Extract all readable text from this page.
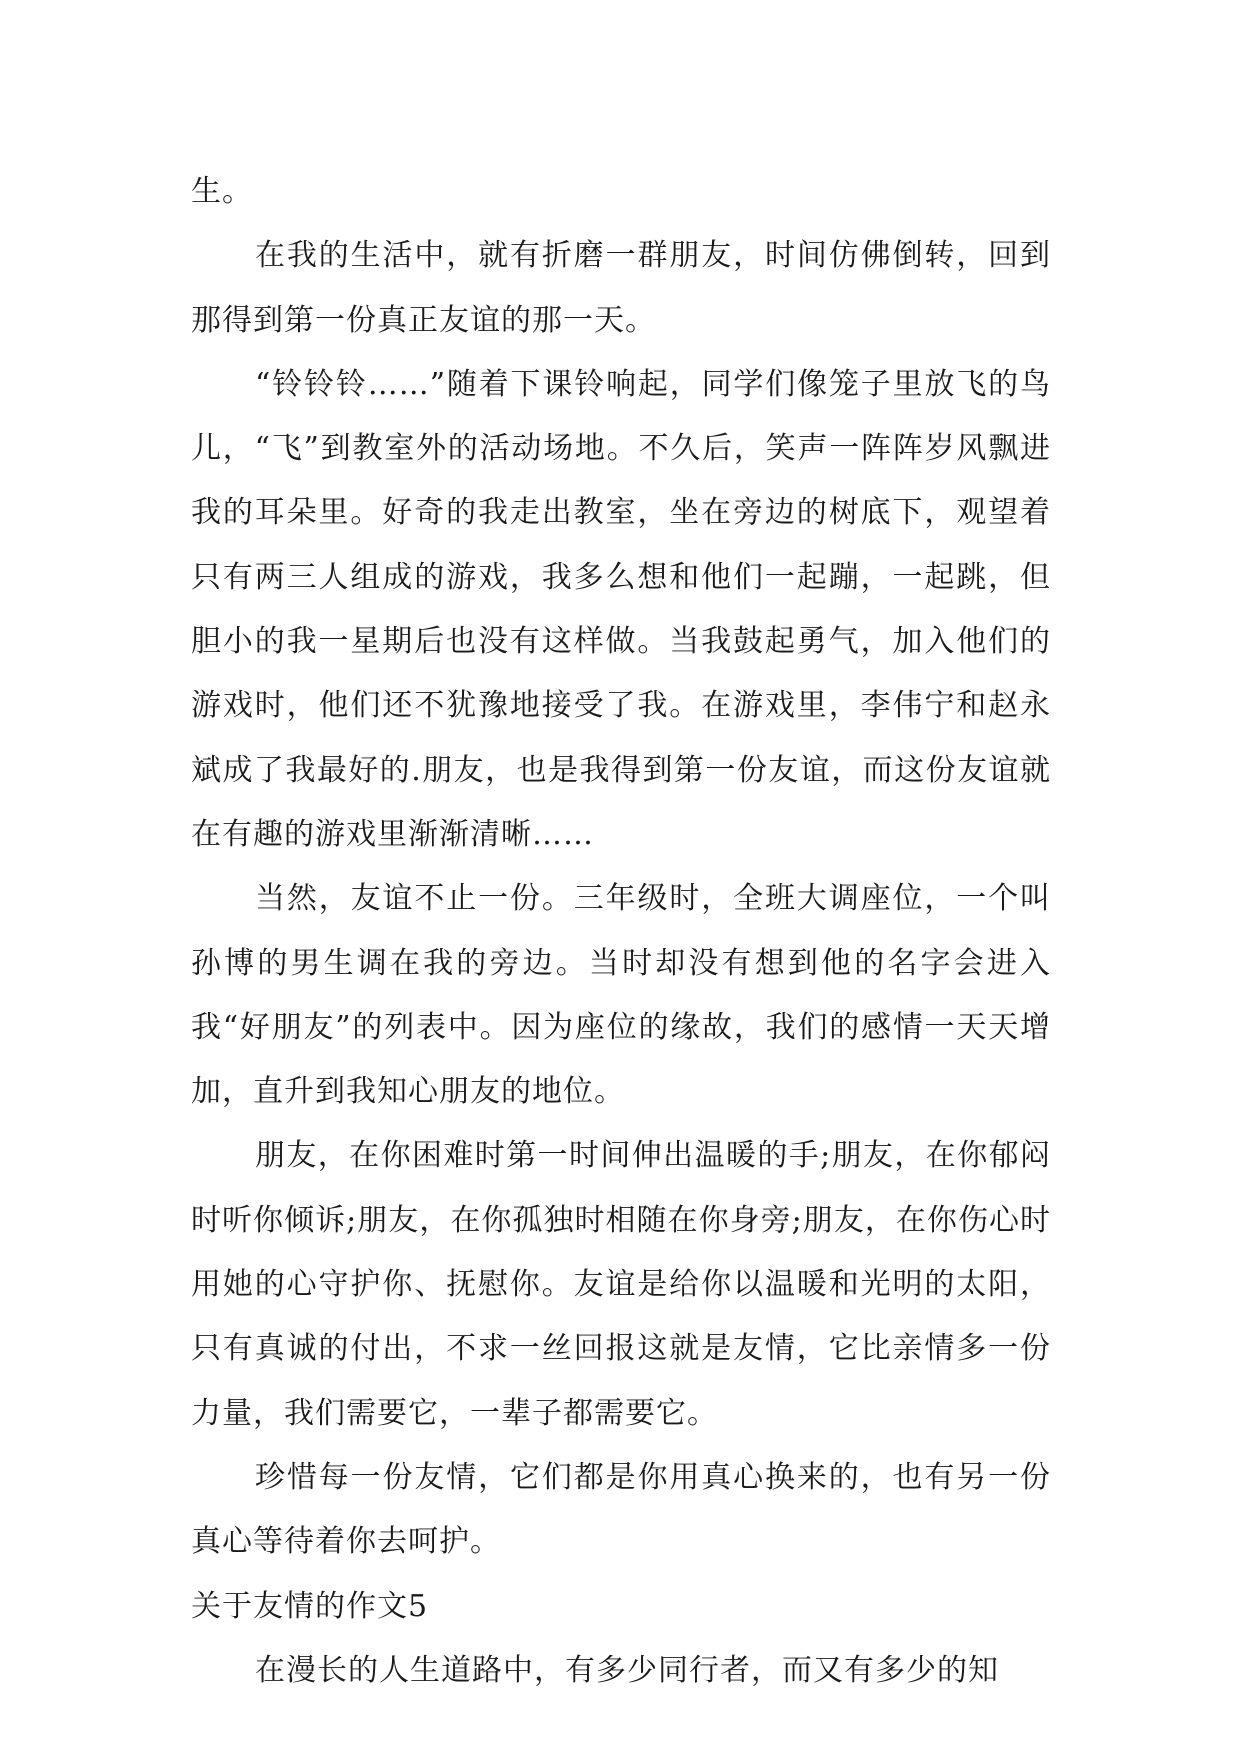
生。

在我的生活中，就有折磨一群朋友，时间仿佛倒转，回到那得到第一份真正友谊的那一天。

“铃铃铃……”随着下课铃响起，同学们像笼子里放飞的鸟儿，“飞”到教室外的活动场地。不久后，笑声一阵阵岁风飘进我的耳朵里。好奇的我走出教室，坐在旁边的树底下，观望着只有两三人组成的游戏，我多么想和他们一起蹦，一起跳，但胆小的我一星期后也没有这样做。当我鼓起勇气，加入他们的游戏时，他们还不犹豫地接受了我。在游戏里，李伟宁和赵永斌成了我最好的.朋友，也是我得到第一份友谊，而这份友谊就在有趣的游戏里渐渐清晰……

当然，友谊不止一份。三年级时，全班大调座位，一个叫孙博的男生调在我的旁边。当时却没有想到他的名字会进入我“好朋友”的列表中。因为座位的缘故，我们的感情一天天增加，直升到我知心朋友的地位。

朋友，在你困难时第一时间伸出温暖的手;朋友，在你郁闷时听你倾诉;朋友，在你孤独时相随在你身旁;朋友，在你伤心时用她的心守护你、抚慰你。友谊是给你以温暖和光明的太阳，只有真诚的付出，不求一丝回报这就是友情，它比亲情多一份力量，我们需要它，一辈子都需要它。

珍惜每一份友情，它们都是你用真心换来的，也有另一份真心等待着你去呵护。

关于友情的作文5

在漫长的人生道路中，有多少同行者，而又有多少的知
